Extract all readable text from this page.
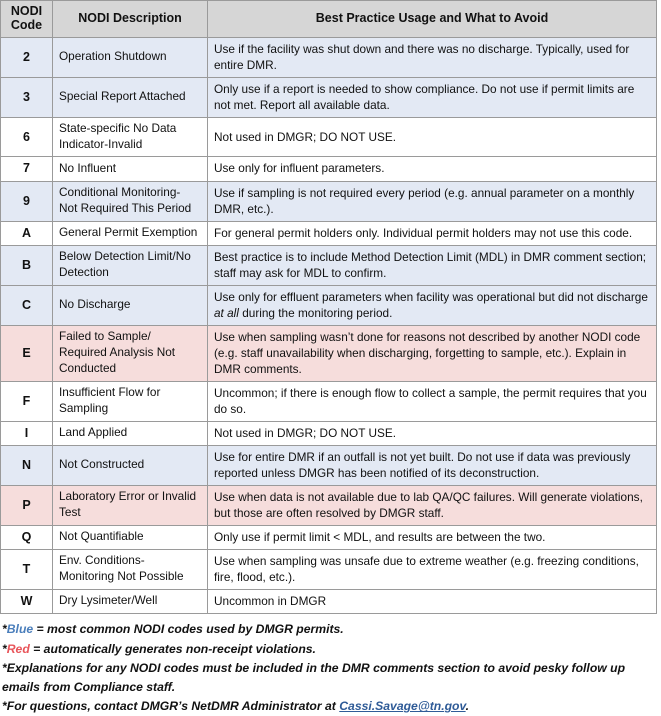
NODI
Code	NODI Description	Best Practice Usage and What to Avoid
2	Operation Shutdown	Use if the facility was shut down and there was no discharge. Typically, used for entire DMR.
3	Special Report Attached	Only use if a report is needed to show compliance. Do not use if permit limits are not met. Report all available data.
6	State-specific No Data Indicator-Invalid	Not used in DMGR; DO NOT USE.
7	No Influent	Use only for influent parameters.
9	Conditional Monitoring- Not Required This Period	Use if sampling is not required every period (e.g. annual parameter on a monthly DMR, etc.).
A	General Permit Exemption	For general permit holders only. Individual permit holders may not use this code.
B	Below Detection Limit/No Detection	Best practice is to include Method Detection Limit (MDL) in DMR comment section; staff may ask for MDL to confirm.
C	No Discharge	Use only for effluent parameters when facility was operational but did not discharge at all during the monitoring period.
E	Failed to Sample/ Required Analysis Not Conducted	Use when sampling wasn’t done for reasons not described by another NODI code (e.g. staff unavailability when discharging, forgetting to sample, etc.). Explain in DMR comments.
F	Insufficient Flow for Sampling	Uncommon; if there is enough flow to collect a sample, the permit requires that you do so.
I	Land Applied	Not used in DMGR; DO NOT USE.
N	Not Constructed	Use for entire DMR if an outfall is not yet built. Do not use if data was previously reported unless DMGR has been notified of its deconstruction.
P	Laboratory Error or Invalid Test	Use when data is not available due to lab QA/QC failures. Will generate violations, but those are often resolved by DMGR staff.
Q	Not Quantifiable	Only use if permit limit < MDL, and results are between the two.
T	Env. Conditions- Monitoring Not Possible	Use when sampling was unsafe due to extreme weather (e.g. freezing conditions, fire, flood, etc.).
W	Dry Lysimeter/Well	Uncommon in DMGR

*Blue = most common NODI codes used by DMGR permits.

*Red = automatically generates non-receipt violations.

*Explanations for any NODI codes must be included in the DMR comments section to avoid pesky follow up emails from Compliance staff.

*For questions, contact DMGR’s NetDMR Administrator at Cassi.Savage@tn.gov.
